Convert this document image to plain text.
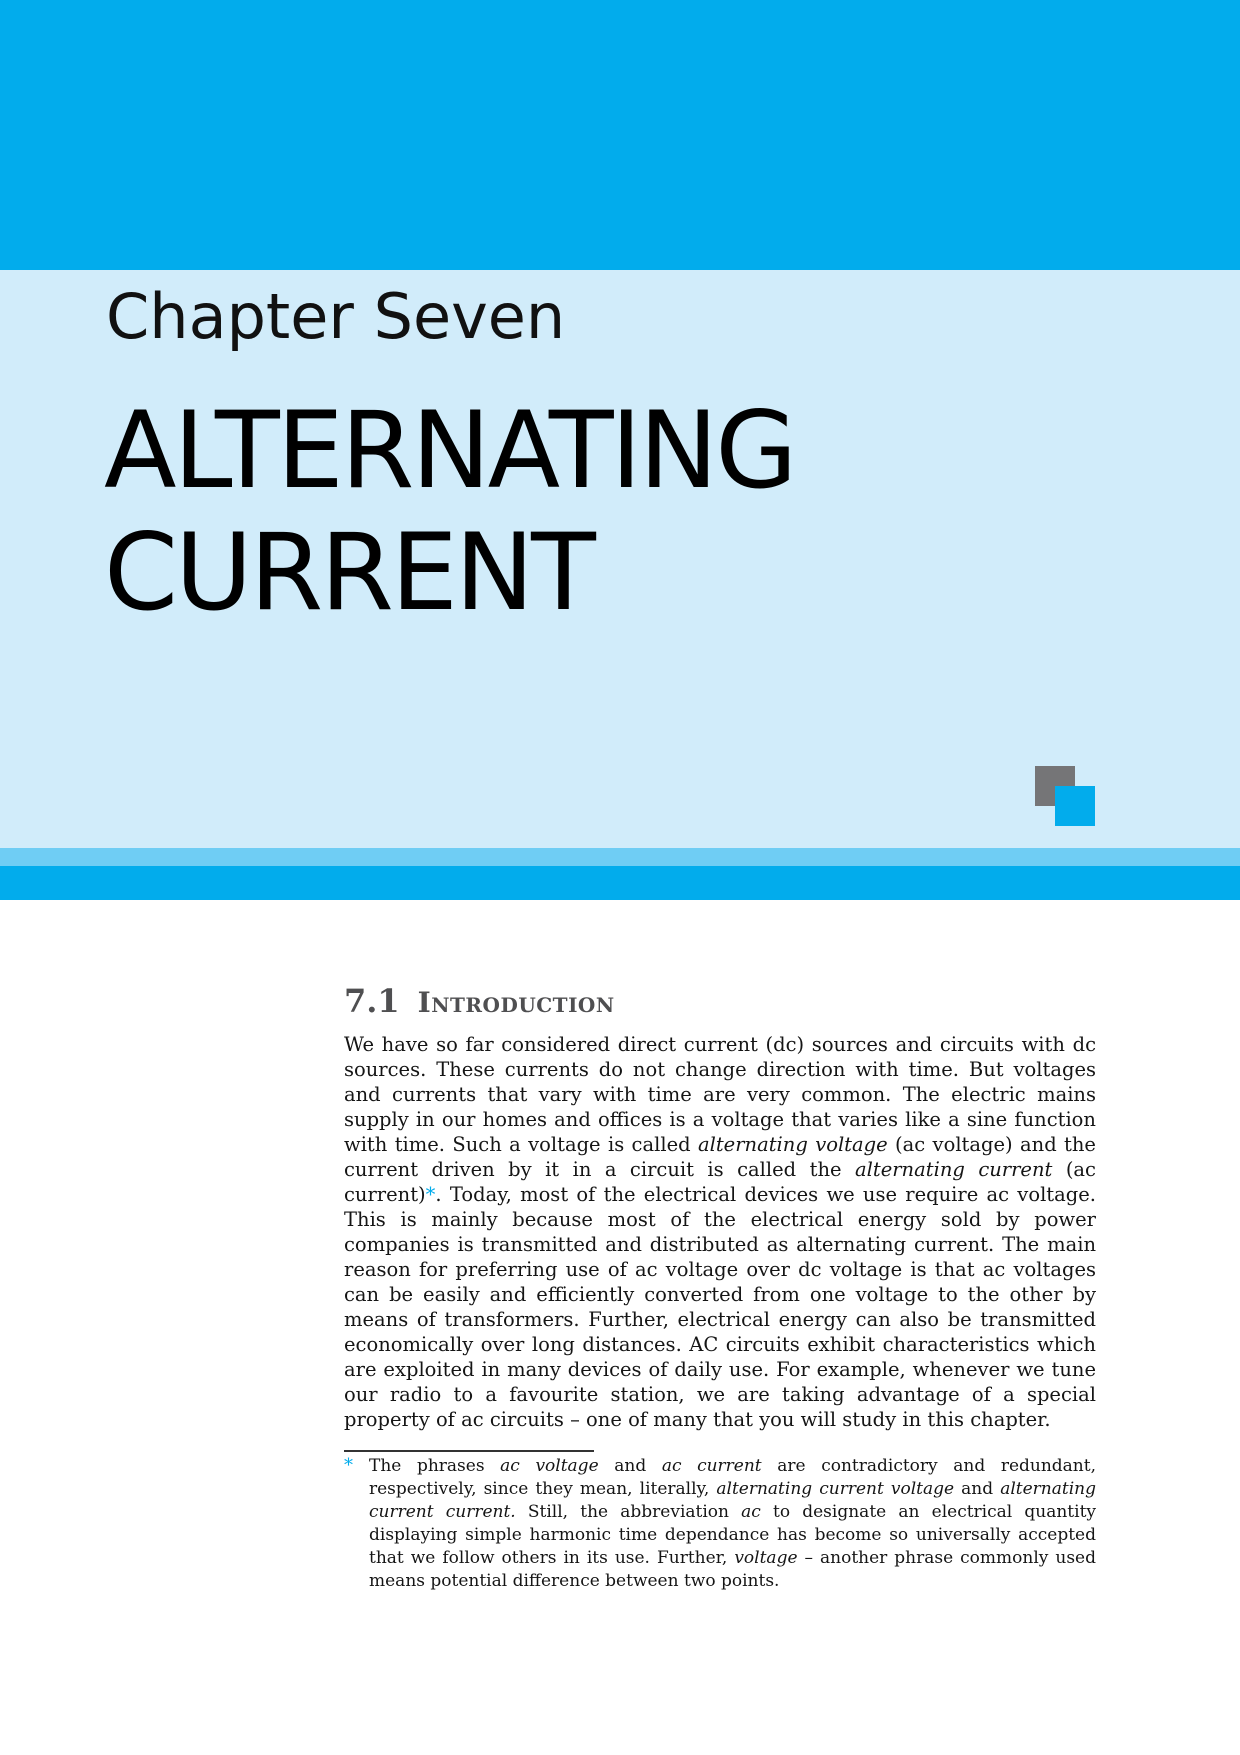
Chapter Seven
ALTERNATING
CURRENT
7.1 Introduction

We have so far considered direct current (dc) sources and circuits with dc sources. These currents do not change direction with time. But voltages and currents that vary with time are very common. The electric mains supply in our homes and offices is a voltage that varies like a sine function with time. Such a voltage is called alternating voltage (ac voltage) and the current driven by it in a circuit is called the alternating current (ac current)*. Today, most of the electrical devices we use require ac voltage. This is mainly because most of the electrical energy sold by power companies is transmitted and distributed as alternating current. The main reason for preferring use of ac voltage over dc voltage is that ac voltages can be easily and efficiently converted from one voltage to the other by means of transformers. Further, electrical energy can also be transmitted economically over long distances. AC circuits exhibit characteristics which are exploited in many devices of daily use. For example, whenever we tune our radio to a favourite station, we are taking advantage of a special property of ac circuits – one of many that you will study in this chapter.

* The phrases ac voltage and ac current are contradictory and redundant, respectively, since they mean, literally, alternating current voltage and alternating current current. Still, the abbreviation ac to designate an electrical quantity displaying simple harmonic time dependance has become so universally accepted that we follow others in its use. Further, voltage – another phrase commonly used means potential difference between two points.
